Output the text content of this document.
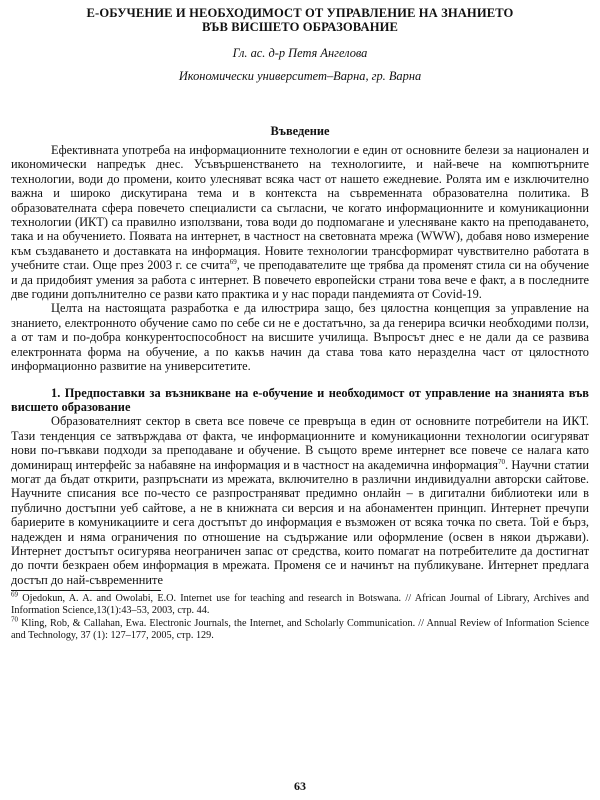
Е-ОБУЧЕНИЕ И НЕОБХОДИМОСТ ОТ УПРАВЛЕНИЕ НА ЗНАНИЕТО
ВЪВ ВИСШЕТО ОБРАЗОВАНИЕ

Гл. ас. д-р Петя Ангелова

Икономически университет–Варна, гр. Варна

Въведение

Ефективната употреба на информационните технологии е един от основните белези за национален и икономически напредък днес. Усъвършенстването на технологиите, и най-вече на компютърните технологии, води до промени, които улесняват всяка част от нашето ежедневие. Ролята им е изключително важна и широко дискутирана тема и в контекста на съвременната образователна политика. В образователната сфера повечето специалисти са съгласни, че когато информационните и комуникационни технологии (ИКТ) са правилно използвани, това води до подпомагане и улесняване както на преподаването, така и на обучението. Появата на интернет, в частност на световната мрежа (WWW), добавя ново измерение към създаването и доставката на информация. Новите технологии трансформират чувствително работата в учебните стаи. Още през 2003 г. се счита$^{69}$, че преподавателите ще трябва да променят стила си на обучение и да придобият умения за работа с интернет. В повечето европейски страни това вече е факт, а в последните две години допълнително се разви като практика и у нас поради пандемията от Covid-19.

Целта на настоящата разработка е да илюстрира защо, без цялостна концепция за управление на знанието, електронното обучение само по себе си не е достатъчно, за да генерира всички необходими ползи, а от там и по-добра конкурентоспособност на висшите училища. Въпросът днес е не дали да се развива електронната форма на обучение, а по какъв начин да става това като неразделна част от цялостното информационно развитие на университетите.

1. Предпоставки за възникване на е-обучение и необходимост от управление на знанията във висшето образование

Образователният сектор в света все повече се превръща в един от основните потребители на ИКТ. Тази тенденция се затвърждава от факта, че информационните и комуникационни технологии осигуряват нови по-гъвкави подходи за преподаване и обучение. В същото време интернет все повече се налага като доминиращ интерфейс за набавяне на информация и в частност на академична информация$^{70}$. Научни статии могат да бъдат открити, разпръснати из мрежата, включително в различни индивидуални авторски сайтове. Научните списания все по-често се разпространяват предимно онлайн – в дигитални библиотеки или в публично достъпни уеб сайтове, а не в книжната си версия и на абонаментен принцип. Интернет пречупи бариерите в комуникациите и сега достъпът до информация е възможен от всяка точка по света. Той е бърз, надежден и няма ограничения по отношение на съдържание или оформление (освен в някои държави). Интернет достъпът осигурява неограничен запас от средства, които помагат на потребителите да достигнат до почти безкраен обем информация в мрежата. Променя се и начинът на публикуване. Интернет предлага достъп до най-съвременните

$^{69}$ Ojedokun, A. A. and Owolabi, E.O. Internet use for teaching and research in Botswana. // African Journal of Library, Archives and Information Science,13(1):43–53, 2003, стр. 44.

$^{70}$ Kling, Rob, & Callahan, Ewa. Electronic Journals, the Internet, and Scholarly Communication. // Annual Review of Information Science and Technology, 37 (1): 127–177, 2005, стр. 129.

63
